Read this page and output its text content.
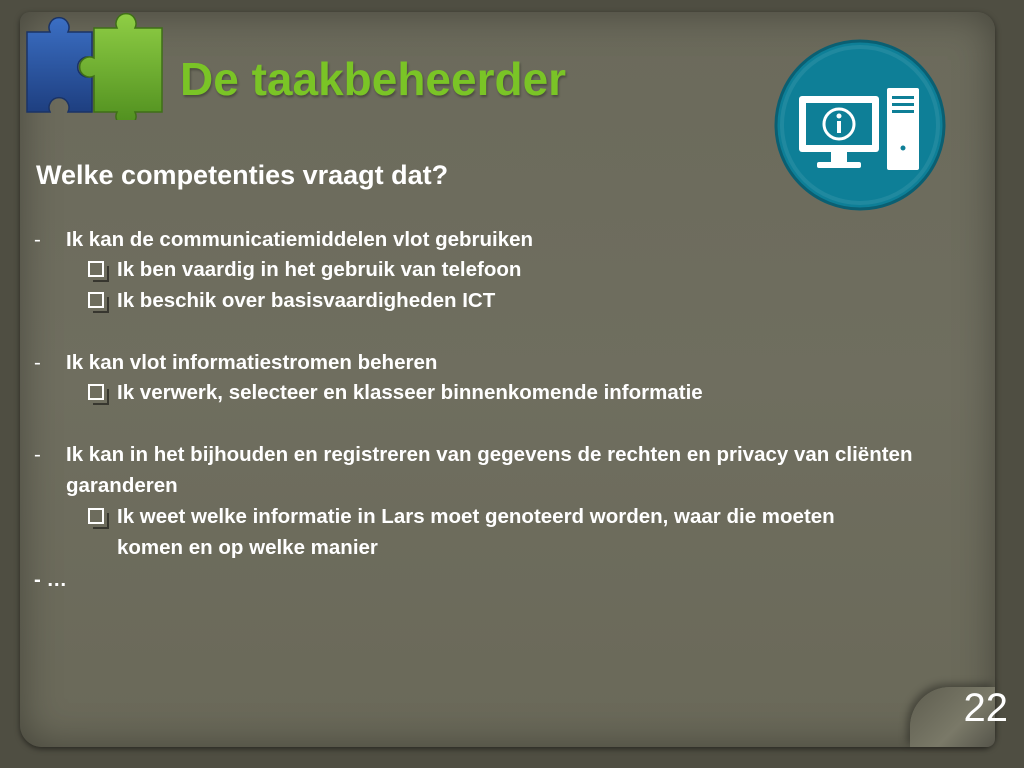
De taakbeheerder
Welke competenties vraagt dat?
- Ik kan de communicatiemiddelen vlot gebruiken
Ik ben vaardig in het gebruik van telefoon
Ik beschik over basisvaardigheden ICT
- Ik kan vlot informatiestromen beheren
Ik verwerk, selecteer en klasseer binnenkomende informatie
- Ik kan in het bijhouden en registreren van gegevens de rechten en privacy van cliënten
garanderen
Ik weet welke informatie in Lars moet genoteerd worden, waar die moeten
komen en op welke manier
- …
22
